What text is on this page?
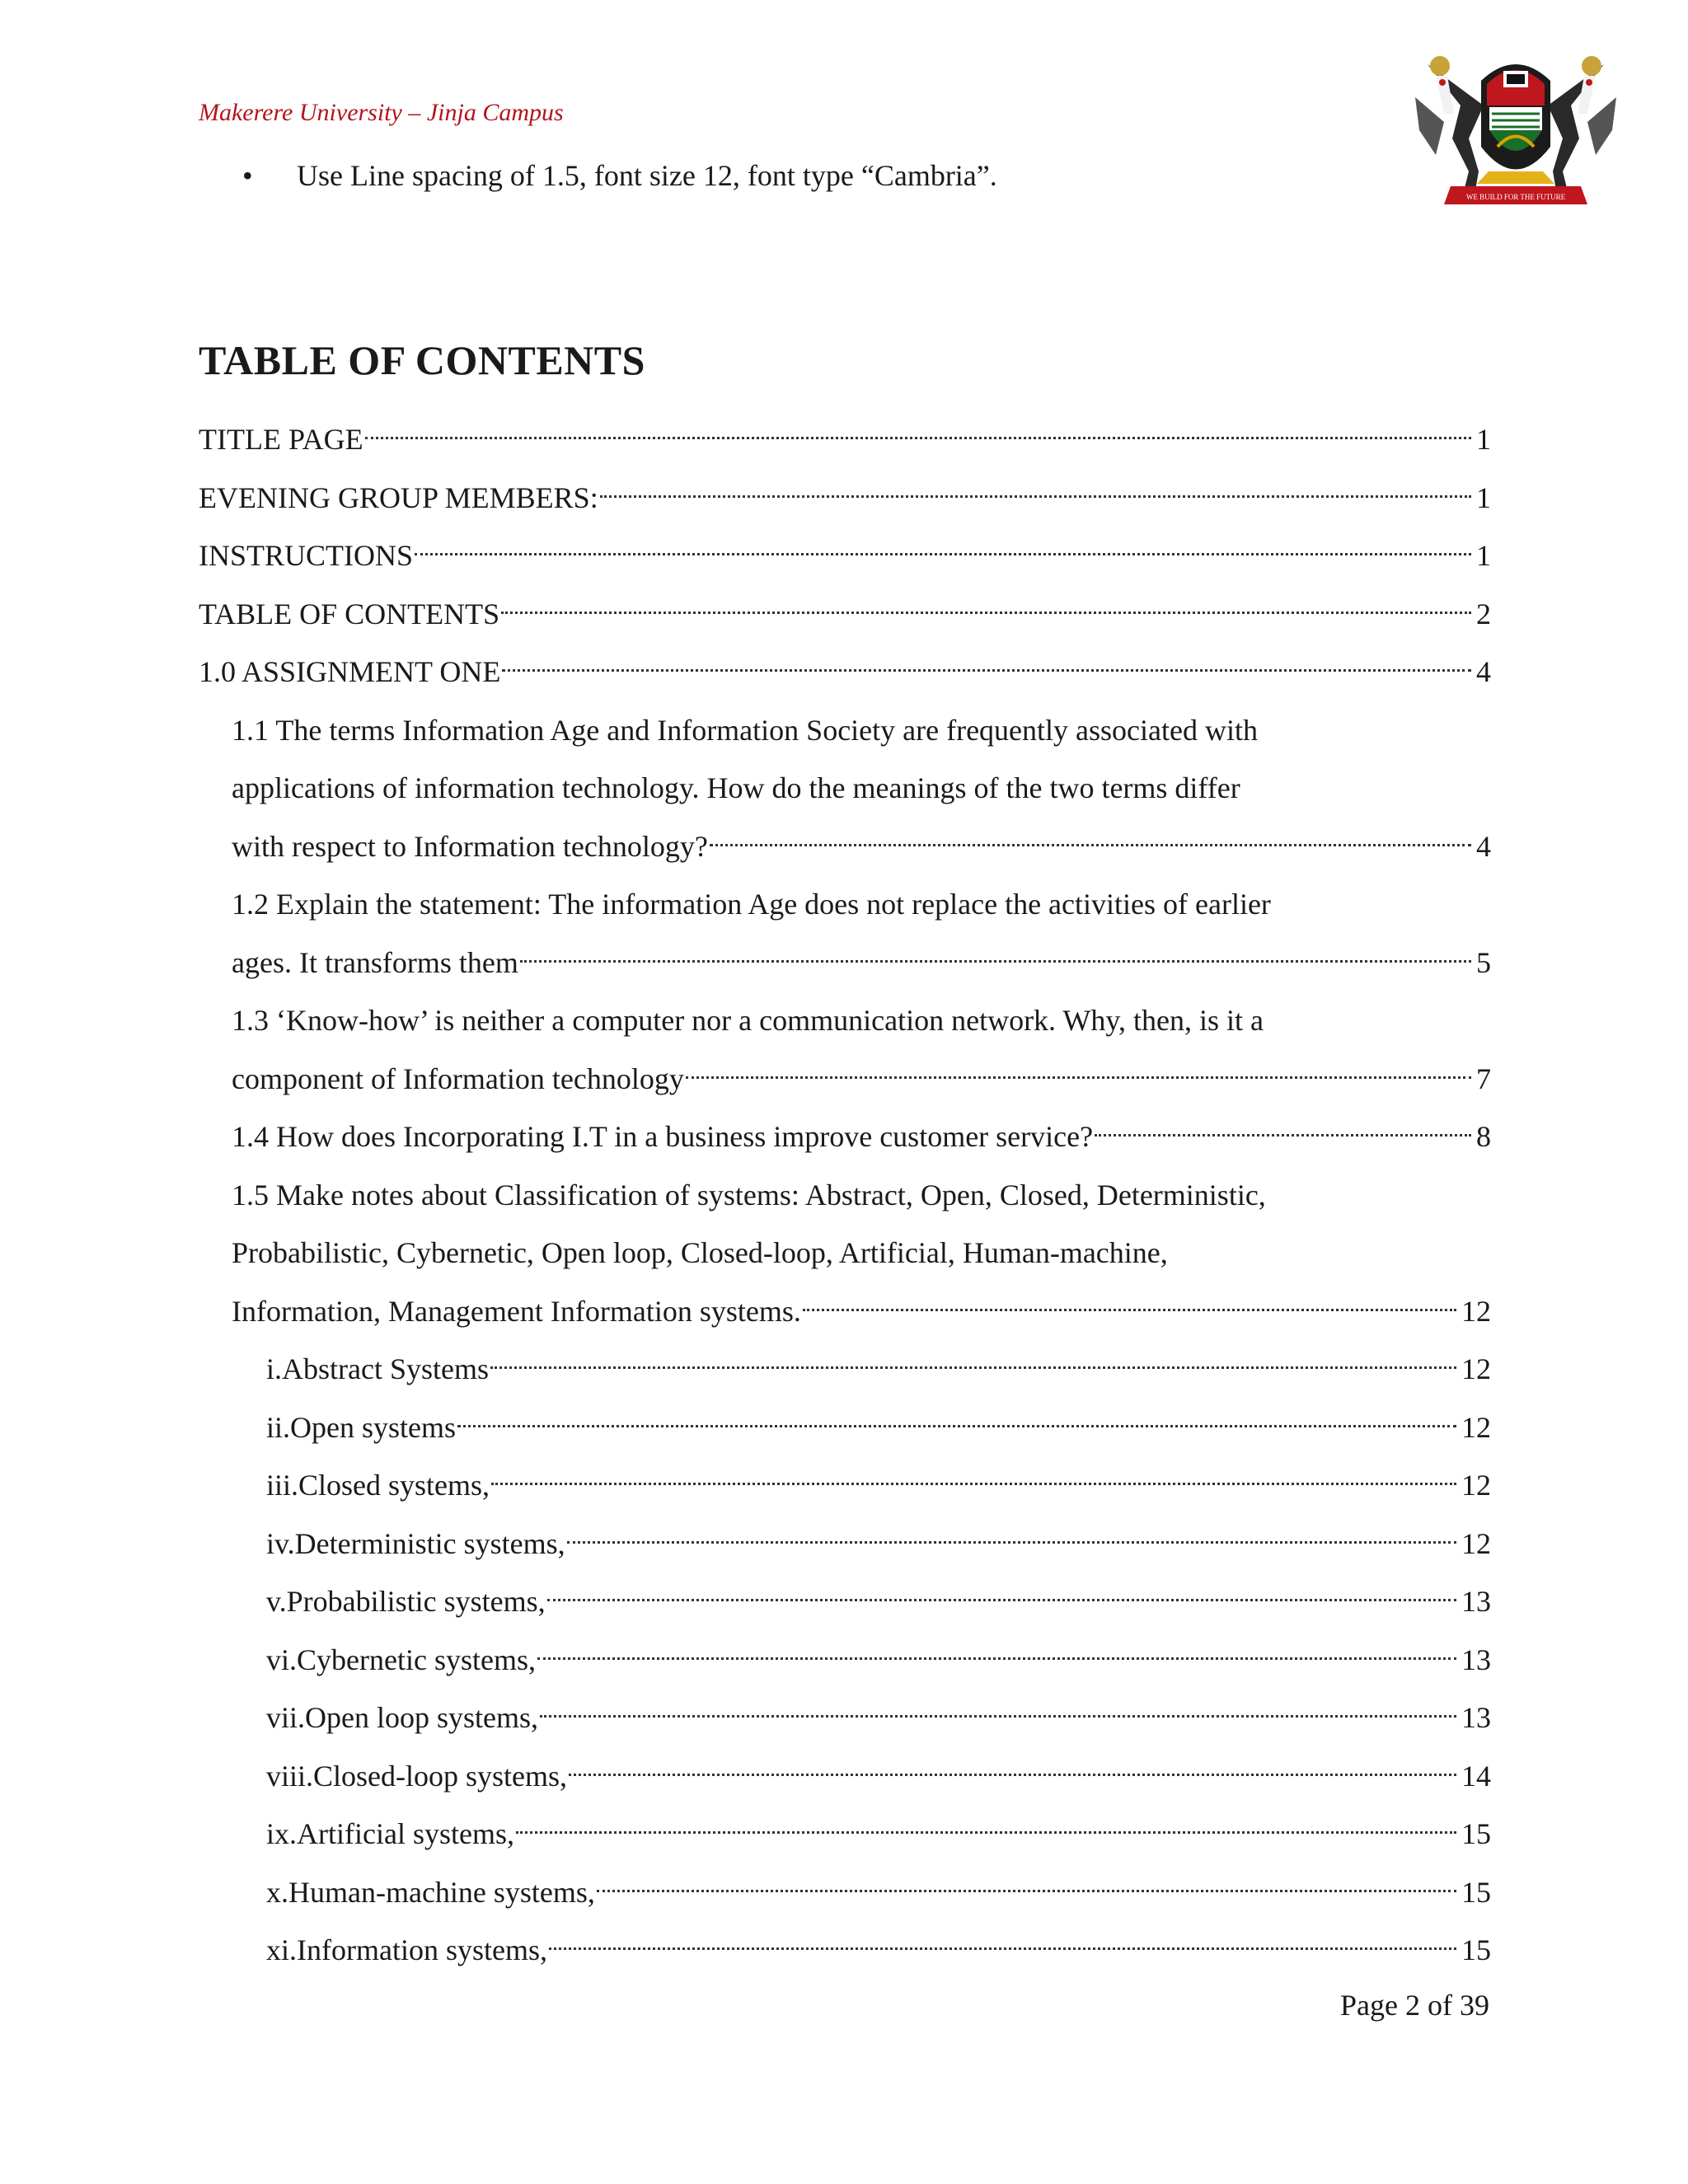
Makerere University – Jinja Campus
WE BUILD FOR THE FUTURE
• Use Line spacing of 1.5, font size 12, font type “Cambria”.
TABLE OF CONTENTS
TITLE PAGE	1
EVENING GROUP MEMBERS:	1
INSTRUCTIONS	1
TABLE OF CONTENTS	2
1.0 ASSIGNMENT ONE	4
1.1 The terms Information Age and Information Society are frequently associated with
applications of information technology. How do the meanings of the two terms differ
with respect to Information technology?	4
1.2 Explain the statement: The information Age does not replace the activities of earlier
ages. It transforms them	5
1.3 ‘Know-how’ is neither a computer nor a communication network. Why, then, is it a
component of Information technology	7
1.4 How does Incorporating I.T in a business improve customer service?	8
1.5 Make notes about Classification of systems: Abstract, Open, Closed, Deterministic,
Probabilistic, Cybernetic, Open loop, Closed-loop, Artificial, Human-machine,
Information, Management Information systems.	12
i.Abstract Systems	12
ii.Open systems	12
iii.Closed systems,	12
iv.Deterministic systems,	12
v.Probabilistic systems,	13
vi.Cybernetic systems,	13
vii.Open loop systems,	13
viii.Closed-loop systems,	14
ix.Artificial systems,	15
x.Human-machine systems,	15
xi.Information systems,	15
Page 2 of 39
